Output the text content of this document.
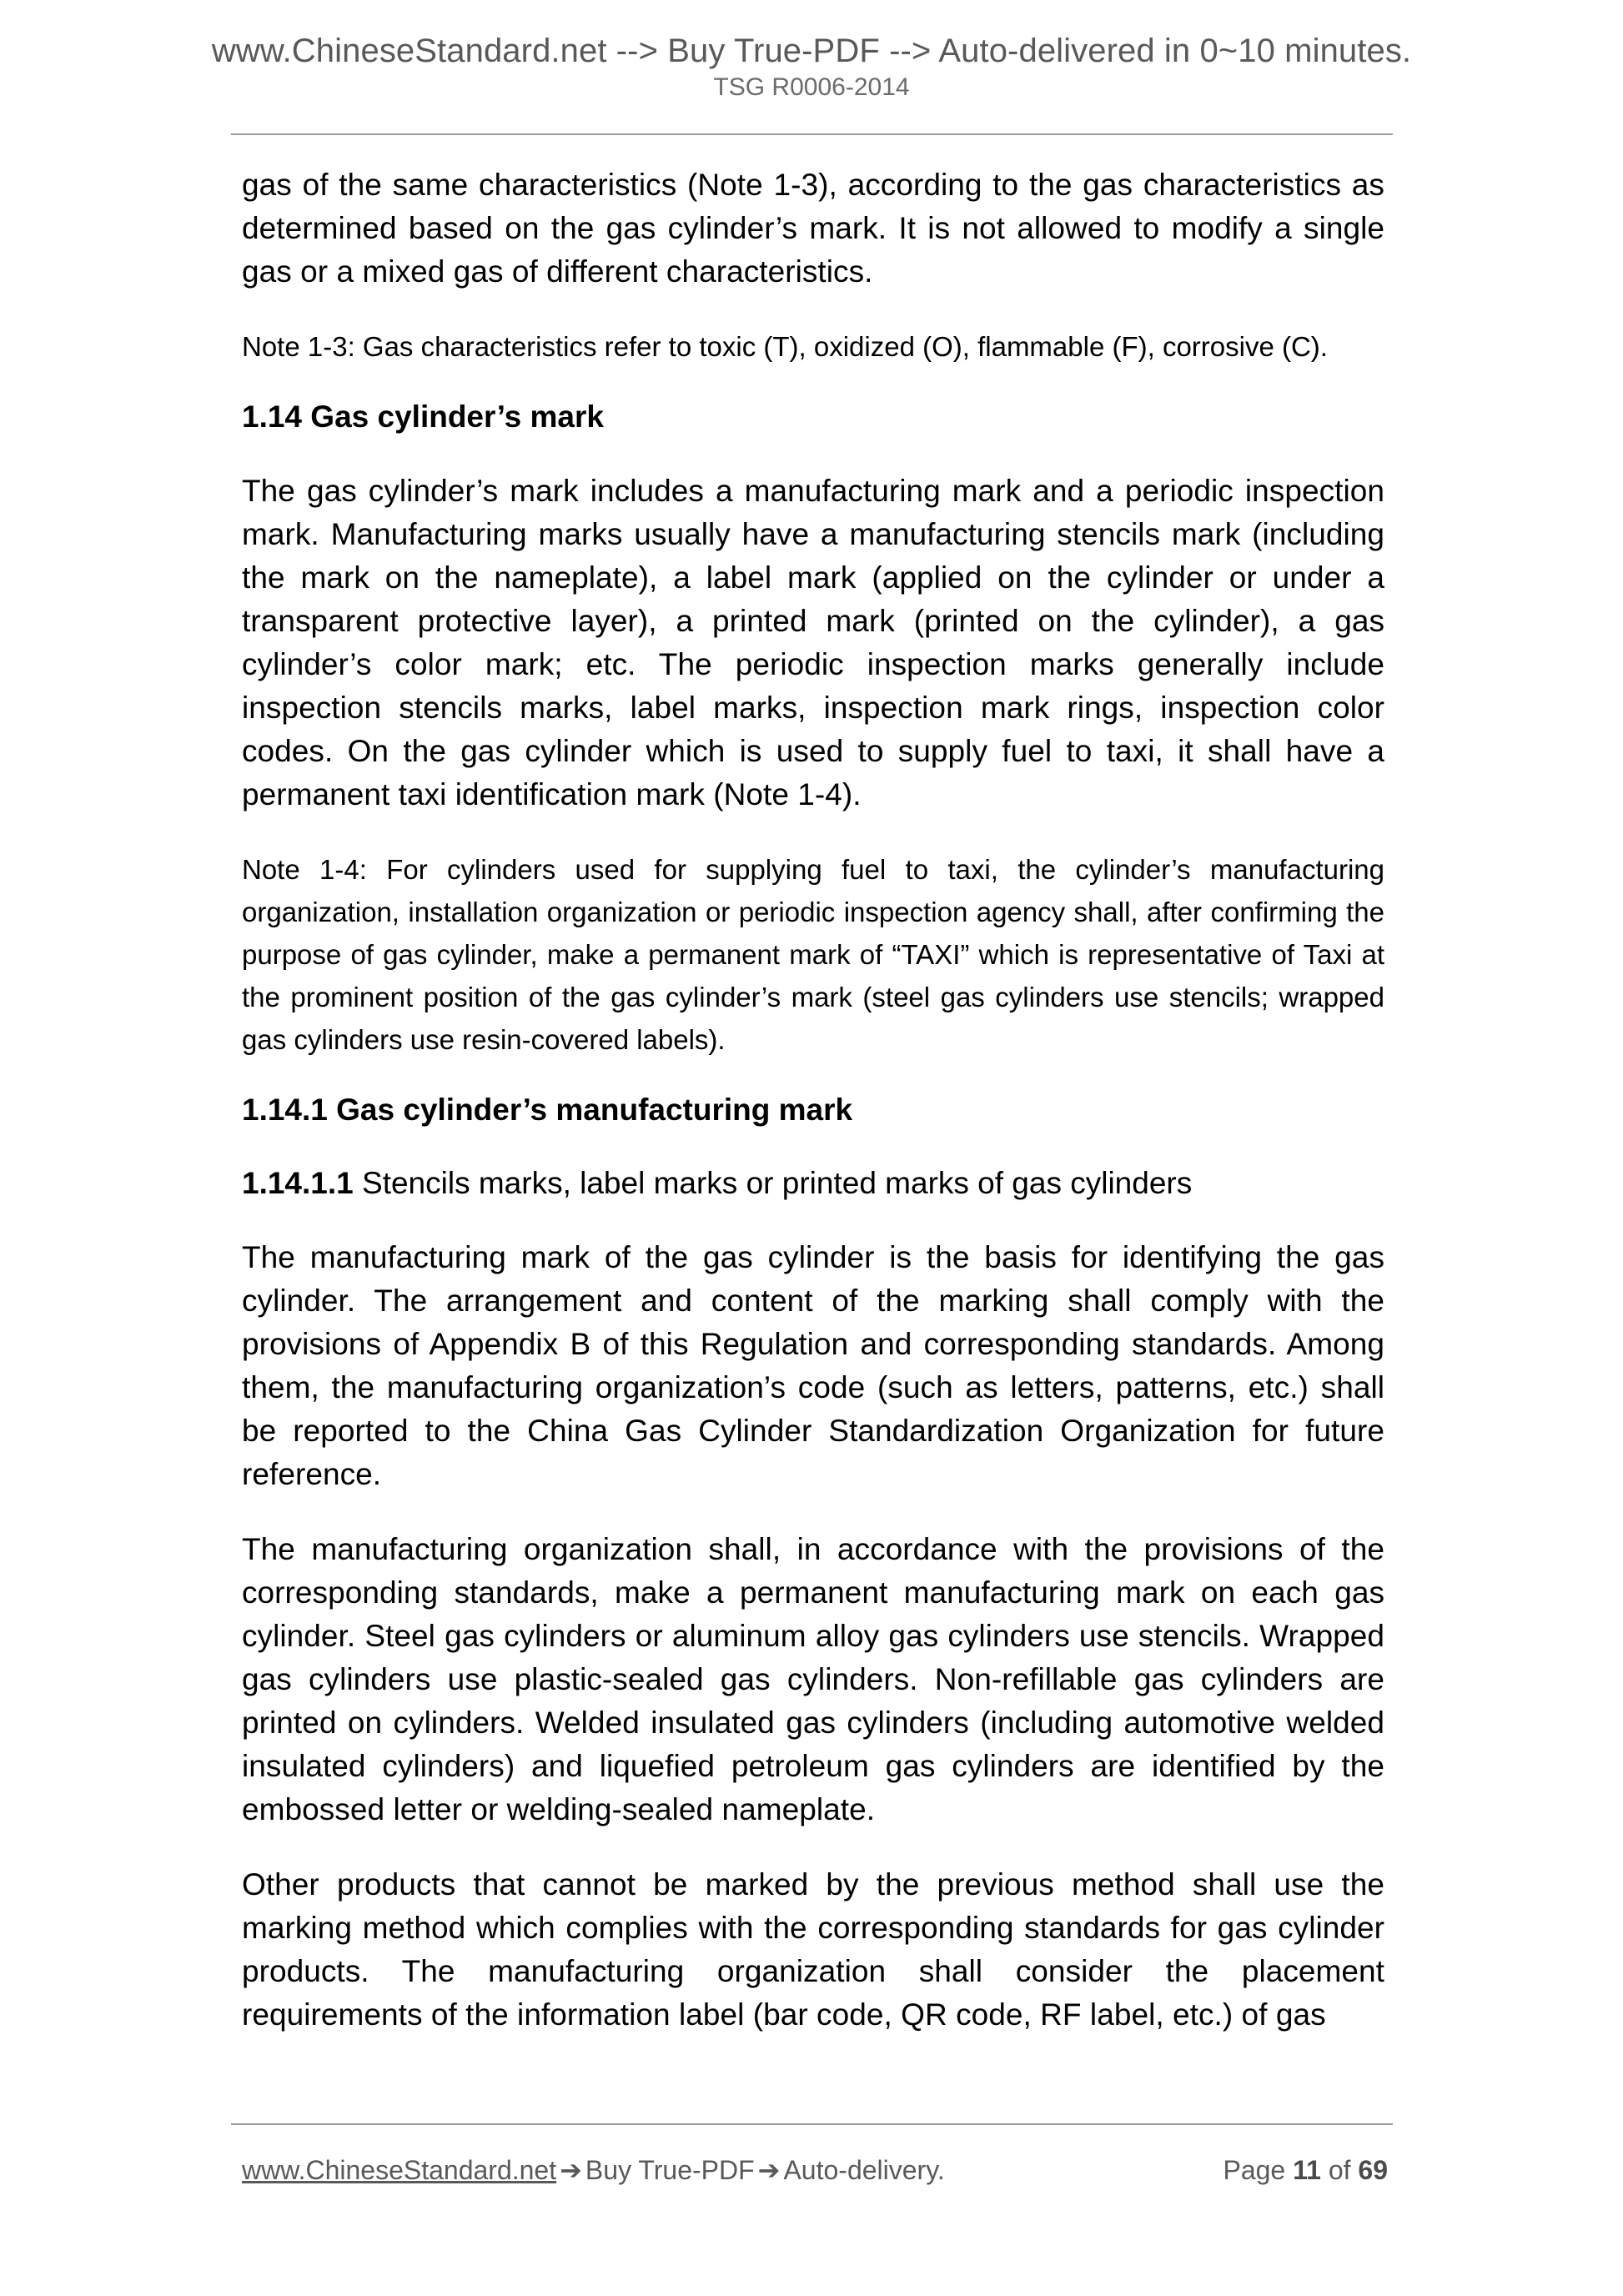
www.ChineseStandard.net --> Buy True-PDF --> Auto-delivered in 0~10 minutes.
TSG R0006-2014

gas of the same characteristics (Note 1-3), according to the gas characteristics as determined based on the gas cylinder’s mark. It is not allowed to modify a single gas or a mixed gas of different characteristics.

Note 1-3: Gas characteristics refer to toxic (T), oxidized (O), flammable (F), corrosive (C).

1.14 Gas cylinder’s mark

The gas cylinder’s mark includes a manufacturing mark and a periodic inspection mark. Manufacturing marks usually have a manufacturing stencils mark (including the mark on the nameplate), a label mark (applied on the cylinder or under a transparent protective layer), a printed mark (printed on the cylinder), a gas cylinder’s color mark; etc. The periodic inspection marks generally include inspection stencils marks, label marks, inspection mark rings, inspection color codes. On the gas cylinder which is used to supply fuel to taxi, it shall have a permanent taxi identification mark (Note 1-4).

Note 1-4: For cylinders used for supplying fuel to taxi, the cylinder’s manufacturing organization, installation organization or periodic inspection agency shall, after confirming the purpose of gas cylinder, make a permanent mark of “TAXI” which is representative of Taxi at the prominent position of the gas cylinder’s mark (steel gas cylinders use stencils; wrapped gas cylinders use resin-covered labels).

1.14.1 Gas cylinder’s manufacturing mark

1.14.1.1 Stencils marks, label marks or printed marks of gas cylinders

The manufacturing mark of the gas cylinder is the basis for identifying the gas cylinder. The arrangement and content of the marking shall comply with the provisions of Appendix B of this Regulation and corresponding standards. Among them, the manufacturing organization’s code (such as letters, patterns, etc.) shall be reported to the China Gas Cylinder Standardization Organization for future reference.

The manufacturing organization shall, in accordance with the provisions of the corresponding standards, make a permanent manufacturing mark on each gas cylinder. Steel gas cylinders or aluminum alloy gas cylinders use stencils. Wrapped gas cylinders use plastic-sealed gas cylinders. Non-refillable gas cylinders are printed on cylinders. Welded insulated gas cylinders (including automotive welded insulated cylinders) and liquefied petroleum gas cylinders are identified by the embossed letter or welding-sealed nameplate.

Other products that cannot be marked by the previous method shall use the marking method which complies with the corresponding standards for gas cylinder products. The manufacturing organization shall consider the placement requirements of the information label (bar code, QR code, RF label, etc.) of gas

www.ChineseStandard.net ➔ Buy True-PDF ➔ Auto-delivery.	Page 11 of 69
